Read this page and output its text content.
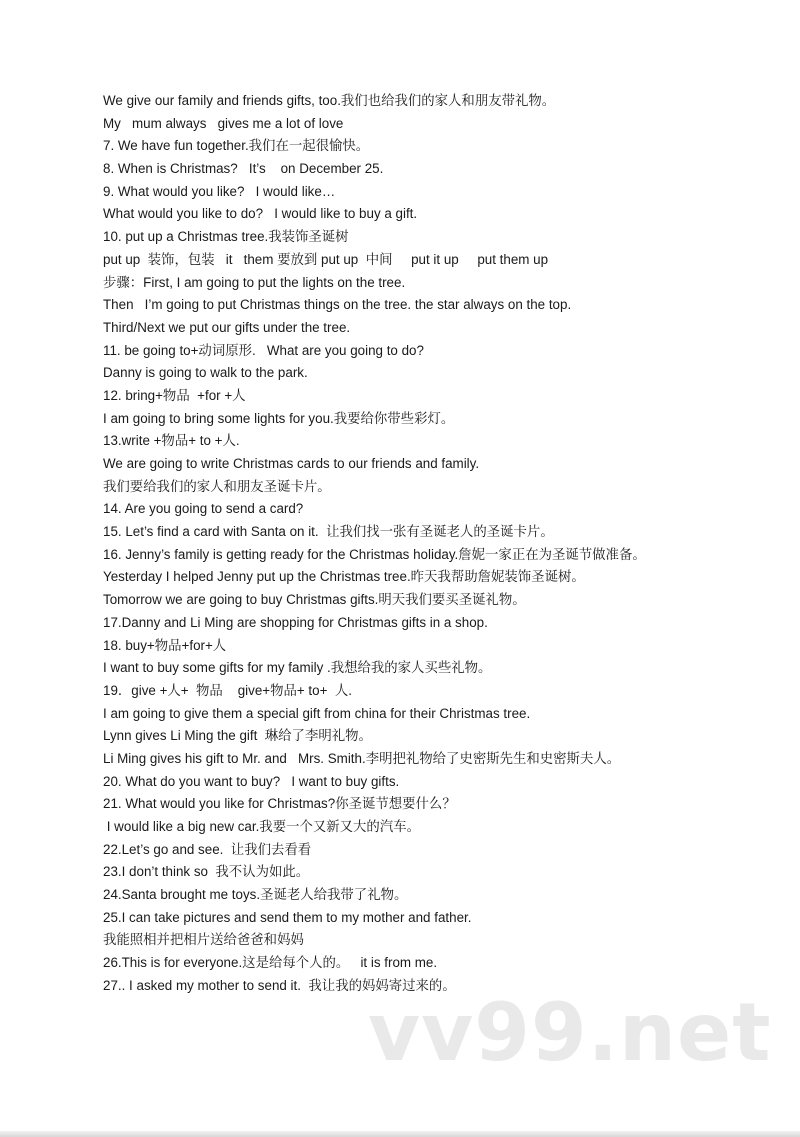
We give our family and friends gifts, too.我们也给我们的家人和朋友带礼物。
My   mum always   gives me a lot of love
7. We have fun together.我们在一起很愉快。
8. When is Christmas?   It’s    on December 25.
9. What would you like?   I would like…
What would you like to do?   I would like to buy a gift.
10. put up a Christmas tree.我装饰圣诞树
put up  装饰，包装   it   them 要放到 put up  中间     put it up     put them up
步骤：First, I am going to put the lights on the tree.
Then   I’m going to put Christmas things on the tree. the star always on the top.
Third/Next we put our gifts under the tree.
11. be going to+动词原形.   What are you going to do?
Danny is going to walk to the park.
12. bring+物品  +for +人
I am going to bring some lights for you.我要给你带些彩灯。
13.write +物品+ to +人.
We are going to write Christmas cards to our friends and family.
我们要给我们的家人和朋友圣诞卡片。
14. Are you going to send a card?
15. Let’s find a card with Santa on it.  让我们找一张有圣诞老人的圣诞卡片。
16. Jenny’s family is getting ready for the Christmas holiday.詹妮一家正在为圣诞节做准备。
Yesterday I helped Jenny put up the Christmas tree.昨天我帮助詹妮装饰圣诞树。
Tomorrow we are going to buy Christmas gifts.明天我们要买圣诞礼物。
17.Danny and Li Ming are shopping for Christmas gifts in a shop.
18. buy+物品+for+人
I want to buy some gifts for my family .我想给我的家人买些礼物。
19．give +人+  物品    give+物品+ to+  人.
I am going to give them a special gift from china for their Christmas tree.
Lynn gives Li Ming the gift  琳给了李明礼物。
Li Ming gives his gift to Mr. and   Mrs. Smith.李明把礼物给了史密斯先生和史密斯夫人。
20. What do you want to buy?   I want to buy gifts.
21. What would you like for Christmas?你圣诞节想要什么？
I would like a big new car.我要一个又新又大的汽车。
22.Let’s go and see.  让我们去看看
23.I don’t think so  我不认为如此。
24.Santa brought me toys.圣诞老人给我带了礼物。
25.I can take pictures and send them to my mother and father.
我能照相并把相片送给爸爸和妈妈
26.This is for everyone.这是给每个人的。   it is from me.
27.. I asked my mother to send it.  我让我的妈妈寄过来的。
vv99.net
